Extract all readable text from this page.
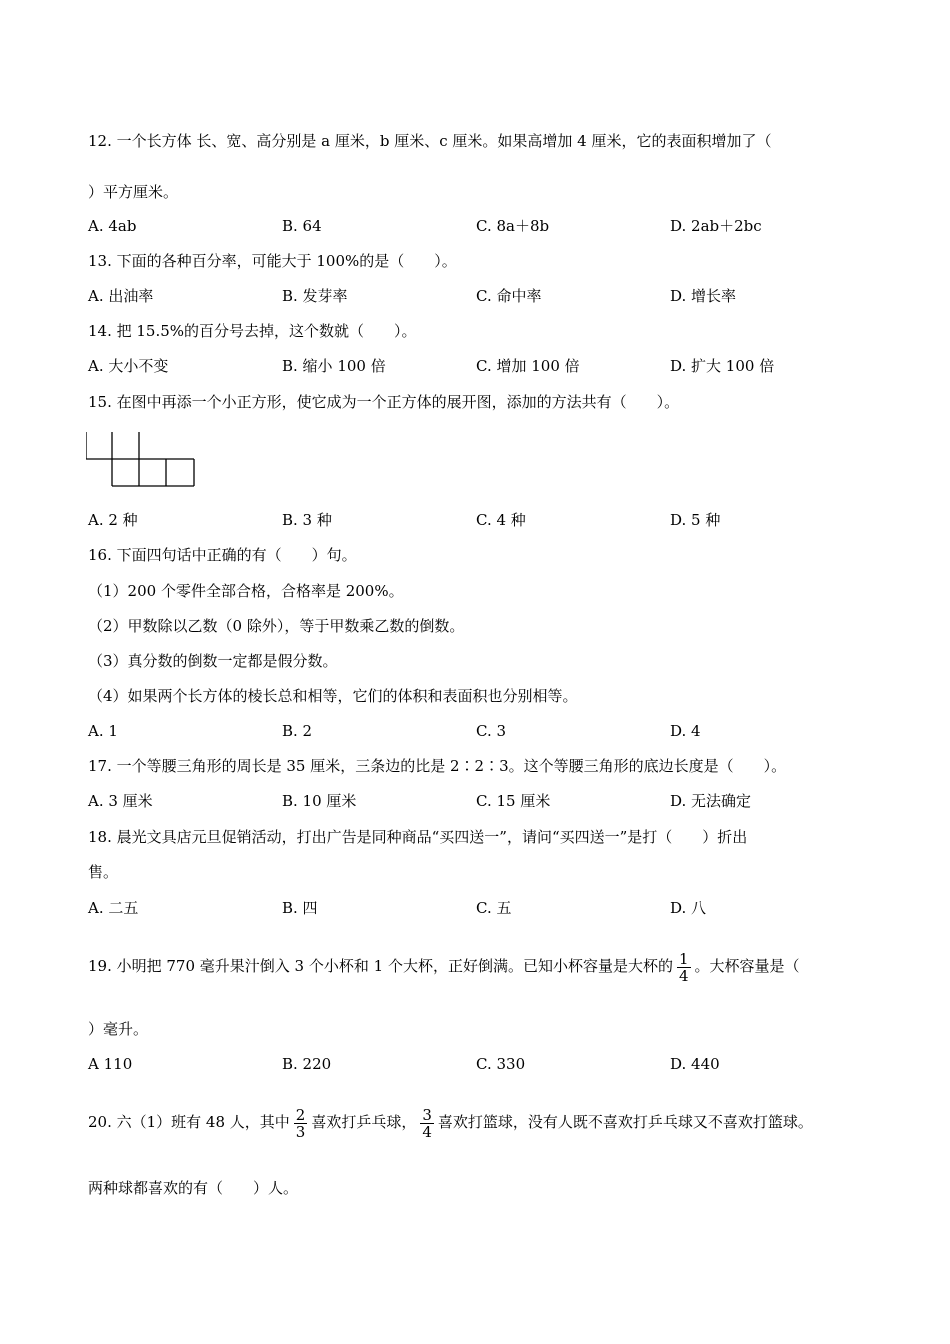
12. 一个长方体 长、宽、高分别是 a 厘米，b 厘米、c 厘米。如果高增加 4 厘米，它的表面积增加了（
）平方厘米。
A. 4ab	B. 64	C. 8a＋8b	D. 2ab＋2bc
13. 下面的各种百分率，可能大于 100%的是（　　）。
A. 出油率	B. 发芽率	C. 命中率	D. 增长率
14. 把 15.5%的百分号去掉，这个数就（　　）。
A. 大小不变	B. 缩小 100 倍	C. 增加 100 倍	D. 扩大 100 倍
15. 在图中再添一个小正方形，使它成为一个正方体的展开图，添加的方法共有（　　）。
A. 2 种	B. 3 种	C. 4 种	D. 5 种
16. 下面四句话中正确的有（　　）句。
（1）200 个零件全部合格，合格率是 200%。
（2）甲数除以乙数（0 除外），等于甲数乘乙数的倒数。
（3）真分数的倒数一定都是假分数。
（4）如果两个长方体的棱长总和相等，它们的体积和表面积也分别相等。
A. 1	B. 2	C. 3	D. 4
17. 一个等腰三角形的周长是 35 厘米，三条边的比是 2∶2∶3。这个等腰三角形的底边长度是（　　）。
A. 3 厘米	B. 10 厘米	C. 15 厘米	D. 无法确定
18. 晨光文具店元旦促销活动，打出广告是同种商品“买四送一”，请问“买四送一”是打（　　）折出
售。
A. 二五	B. 四	C. 五	D. 八
19. 小明把 770 毫升果汁倒入 3 个小杯和 1 个大杯，正好倒满。已知小杯容量是大杯的 $\frac{1}{4}$ 。大杯容量是（
）毫升。
A 110	B. 220	C. 330	D. 440
20. 六（1）班有 48 人，其中 $\frac{2}{3}$ 喜欢打乒乓球， $\frac{3}{4}$ 喜欢打篮球，没有人既不喜欢打乒乓球又不喜欢打篮球。
两种球都喜欢的有（　　）人。
